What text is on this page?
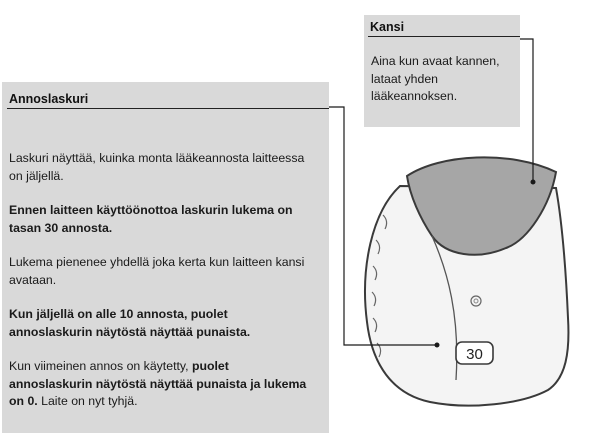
Annoslaskuri
Laskuri näyttää, kuinka monta lääkeannosta laitteessa on jäljellä.
Ennen laitteen käyttöönottoa laskurin lukema on tasan 30 annosta.
Lukema pienenee yhdellä joka kerta kun laitteen kansi avataan.
Kun jäljellä on alle 10 annosta, puolet annoslaskurin näytöstä näyttää punaista.
Kun viimeinen annos on käytetty, puolet annoslaskurin näytöstä näyttää punaista ja lukema on 0. Laite on nyt tyhjä.
Kansi
Aina kun avaat kannen, lataat yhden lääkeannoksen.
30
